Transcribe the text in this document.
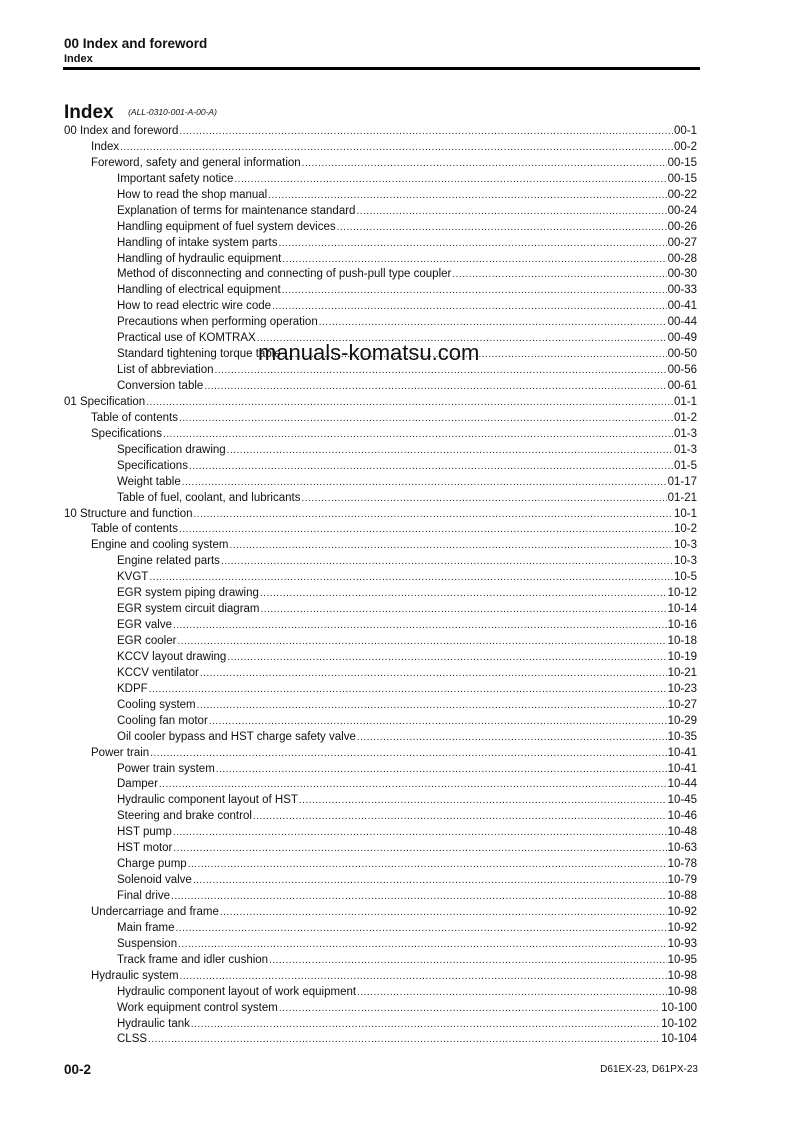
00 Index and foreword
Index
Index (ALL-0310-001-A-00-A)
00 Index and foreword .....	00-1
Index .....	00-2
Foreword, safety and general information .....	00-15
Important safety notice .....	00-15
How to read the shop manual .....	00-22
Explanation of terms for maintenance standard .....	00-24
Handling equipment of fuel system devices .....	00-26
Handling of intake system parts .....	00-27
Handling of hydraulic equipment .....	00-28
Method of disconnecting and connecting of push-pull type coupler .....	00-30
Handling of electrical equipment .....	00-33
How to read electric wire code .....	00-41
Precautions when performing operation .....	00-44
Practical use of KOMTRAX .....	00-49
Standard tightening torque table .....	00-50
List of abbreviation .....	00-56
Conversion table .....	00-61
01 Specification .....	01-1
Table of contents .....	01-2
Specifications .....	01-3
Specification drawing .....	01-3
Specifications .....	01-5
Weight table .....	01-17
Table of fuel, coolant, and lubricants .....	01-21
10 Structure and function .....	10-1
Table of contents .....	10-2
Engine and cooling system .....	10-3
Engine related parts .....	10-3
KVGT .....	10-5
EGR system piping drawing .....	10-12
EGR system circuit diagram .....	10-14
EGR valve .....	10-16
EGR cooler .....	10-18
KCCV layout drawing .....	10-19
KCCV ventilator .....	10-21
KDPF .....	10-23
Cooling system .....	10-27
Cooling fan motor .....	10-29
Oil cooler bypass and HST charge safety valve .....	10-35
Power train .....	10-41
Power train system .....	10-41
Damper .....	10-44
Hydraulic component layout of HST .....	10-45
Steering and brake control .....	10-46
HST pump .....	10-48
HST motor .....	10-63
Charge pump .....	10-78
Solenoid valve .....	10-79
Final drive .....	10-88
Undercarriage and frame .....	10-92
Main frame .....	10-92
Suspension .....	10-93
Track frame and idler cushion .....	10-95
Hydraulic system .....	10-98
Hydraulic component layout of work equipment .....	10-98
Work equipment control system .....	10-100
Hydraulic tank .....	10-102
CLSS .....	10-104
manuals-komatsu.com
00-2	D61EX-23, D61PX-23
